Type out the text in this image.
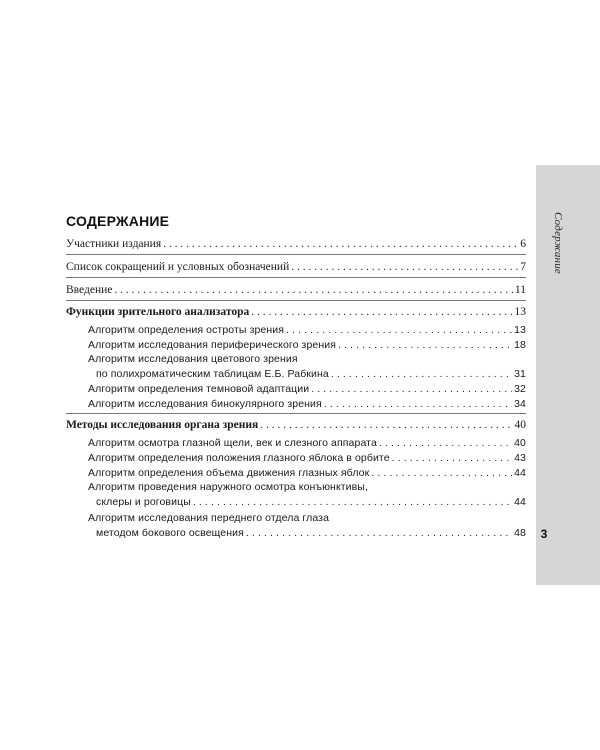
Содержание
3
СОДЕРЖАНИЕ
Участники издания . . .	6
Список сокращений и условных обозначений . . .	7
Введение . . .	11
Функции зрительного анализатора . . .	13
Алгоритм определения остроты зрения . . .	13
Алгоритм исследования периферического зрения . . .	18
Алгоритм исследования цветового зрения
по полихроматическим таблицам Е.Б. Рабкина . . .	31
Алгоритм определения темновой адаптации . . .	32
Алгоритм исследования бинокулярного зрения . . .	34
Методы исследования органа зрения . . .	40
Алгоритм осмотра глазной щели, век и слезного аппарата . . .	40
Алгоритм определения положения глазного яблока в орбите . . .	43
Алгоритм определения объема движения глазных яблок . . .	44
Алгоритм проведения наружного осмотра конъюнктивы,
склеры и роговицы . . .	44
Алгоритм исследования переднего отдела глаза
методом бокового освещения . . .	48
